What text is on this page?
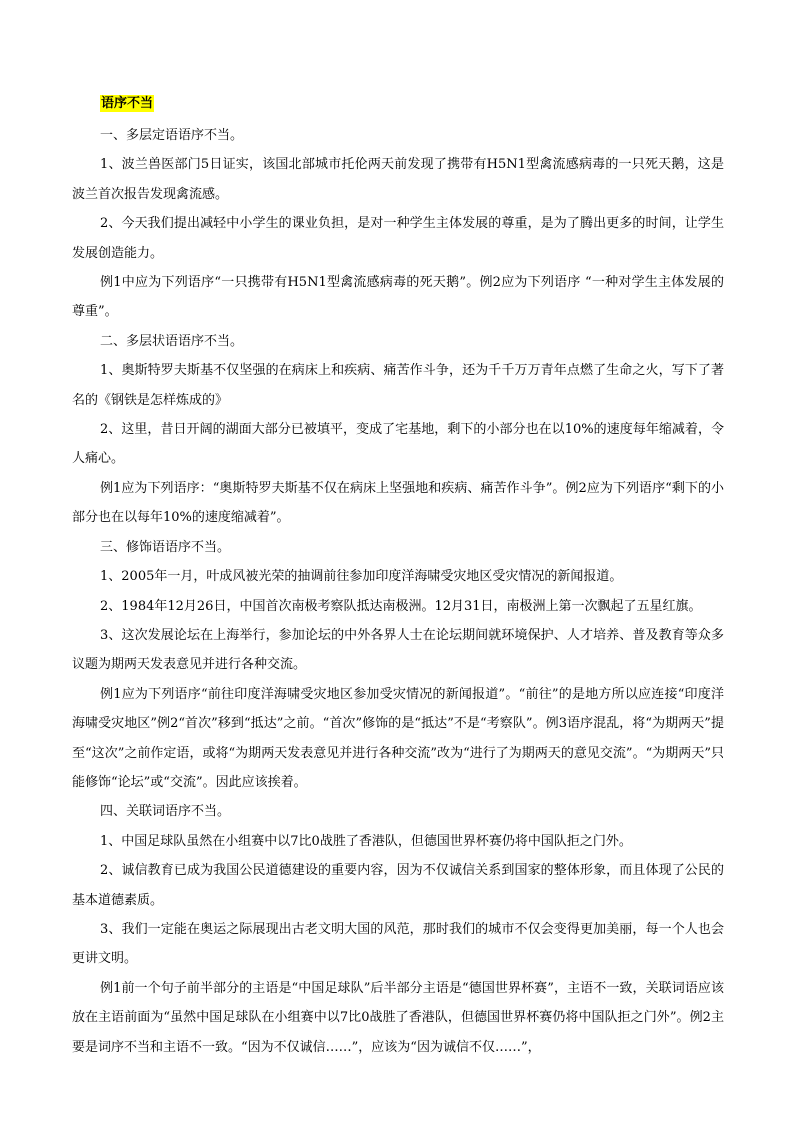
语序不当

一、多层定语语序不当。

1、波兰兽医部门5日证实，该国北部城市托伦两天前发现了携带有H5N1型禽流感病毒的一只死天鹅，这是波兰首次报告发现禽流感。

2、今天我们提出减轻中小学生的课业负担，是对一种学生主体发展的尊重，是为了腾出更多的时间，让学生发展创造能力。

例1中应为下列语序“一只携带有H5N1型禽流感病毒的死天鹅”。例2应为下列语序 “一种对学生主体发展的尊重”。

二、多层状语语序不当。

1、奥斯特罗夫斯基不仅坚强的在病床上和疾病、痛苦作斗争，还为千千万万青年点燃了生命之火，写下了著名的《钢铁是怎样炼成的》

2、这里，昔日开阔的湖面大部分已被填平，变成了宅基地，剩下的小部分也在以10%的速度每年缩减着，令人痛心。

例1应为下列语序：“奥斯特罗夫斯基不仅在病床上坚强地和疾病、痛苦作斗争”。例2应为下列语序“剩下的小部分也在以每年10%的速度缩减着”。

三、修饰语语序不当。

1、2005年一月，叶成风被光荣的抽调前往参加印度洋海啸受灾地区受灾情况的新闻报道。

2、1984年12月26日，中国首次南极考察队抵达南极洲。12月31日，南极洲上第一次飘起了五星红旗。

3、这次发展论坛在上海举行，参加论坛的中外各界人士在论坛期间就环境保护、人才培养、普及教育等众多议题为期两天发表意见并进行各种交流。

例1应为下列语序“前往印度洋海啸受灾地区参加受灾情况的新闻报道”。“前往”的是地方所以应连接“印度洋海啸受灾地区”例2“首次”移到“抵达”之前。“首次”修饰的是“抵达”不是“考察队”。例3语序混乱，将“为期两天”提至“这次”之前作定语，或将“为期两天发表意见并进行各种交流”改为“进行了为期两天的意见交流”。“为期两天”只能修饰“论坛”或“交流”。因此应该挨着。

四、关联词语序不当。

1、中国足球队虽然在小组赛中以7比0战胜了香港队，但德国世界杯赛仍将中国队拒之门外。

2、诚信教育已成为我国公民道德建设的重要内容，因为不仅诚信关系到国家的整体形象，而且体现了公民的基本道德素质。

3、我们一定能在奥运之际展现出古老文明大国的风范，那时我们的城市不仅会变得更加美丽，每一个人也会更讲文明。

例1前一个句子前半部分的主语是“中国足球队”后半部分主语是“德国世界杯赛”，主语不一致，关联词语应该放在主语前面为“虽然中国足球队在小组赛中以7比0战胜了香港队，但德国世界杯赛仍将中国队拒之门外”。例2主要是词序不当和主语不一致。“因为不仅诚信……”，应该为“因为诚信不仅……”，
